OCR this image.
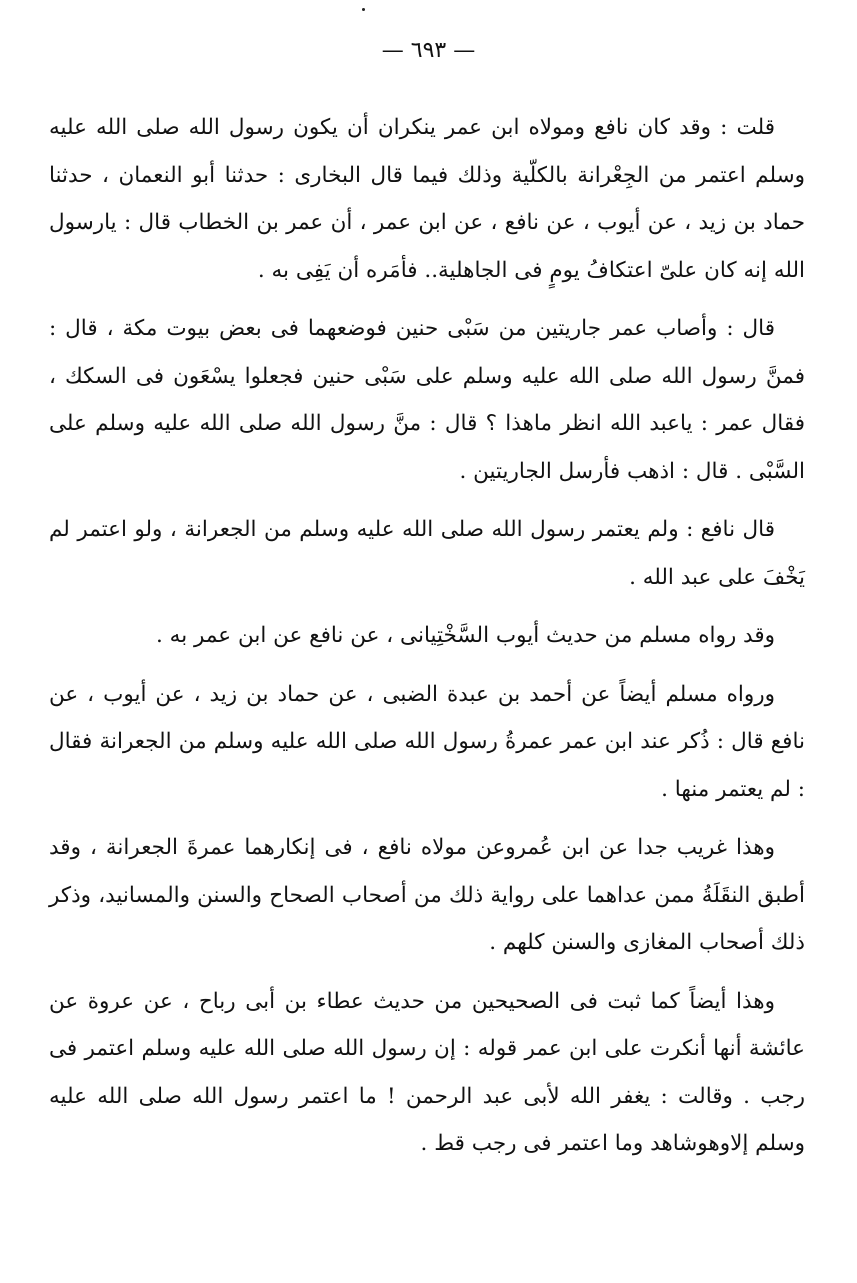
— ٦٩٣ —

قلت : وقد كان نافع ومولاه ابن عمر ينكران أن يكون رسول الله صلى الله عليه وسلم اعتمر من الجِعْرانة بالكلّية وذلك فيما قال البخارى : حدثنا أبو النعمان ، حدثنا حماد بن زيد ، عن أيوب ، عن نافع ، عن ابن عمر ، أن عمر بن الخطاب قال : يارسول الله إنه كان علىّ اعتكافُ يومٍ فى الجاهلية.. فأمَره أن يَفِى به .

قال : وأصاب عمر جاريتين من سَبْى حنين فوضعهما فى بعض بيوت مكة ، قال : فمنَّ رسول الله صلى الله عليه وسلم على سَبْى حنين فجعلوا يسْعَون فى السكك ، فقال عمر : ياعبد الله انظر ماهذا ؟ قال : منَّ رسول الله صلى الله عليه وسلم على السَّبْى . قال : اذهب فأرسل الجاريتين .

قال نافع : ولم يعتمر رسول الله صلى الله عليه وسلم من الجعرانة ، ولو اعتمر لم يَخْفَ على عبد الله .

وقد رواه مسلم من حديث أيوب السَّخْتِيانى ، عن نافع عن ابن عمر به .

ورواه مسلم أيضاً عن أحمد بن عبدة الضبى ، عن حماد بن زيد ، عن أيوب ، عن نافع قال : ذُكر عند ابن عمر عمرةُ رسول الله صلى الله عليه وسلم من الجعرانة فقال : لم يعتمر منها .

وهذا غريب جدا عن ابن عُمروعن مولاه نافع ، فى إنكارهما عمرةَ الجعرانة ، وقد أطبق النقَلَةُ ممن عداهما على رواية ذلك من أصحاب الصحاح والسنن والمسانيد، وذكر ذلك أصحاب المغازى والسنن كلهم .

وهذا أيضاً كما ثبت فى الصحيحين من حديث عطاء بن أبى رباح ، عن عروة عن عائشة أنها أنكرت على ابن عمر قوله : إن رسول الله صلى الله عليه وسلم اعتمر فى رجب . وقالت : يغفر الله لأبى عبد الرحمن ! ما اعتمر رسول الله صلى الله عليه وسلم إلاوهوشاهد وما اعتمر فى رجب قط .
